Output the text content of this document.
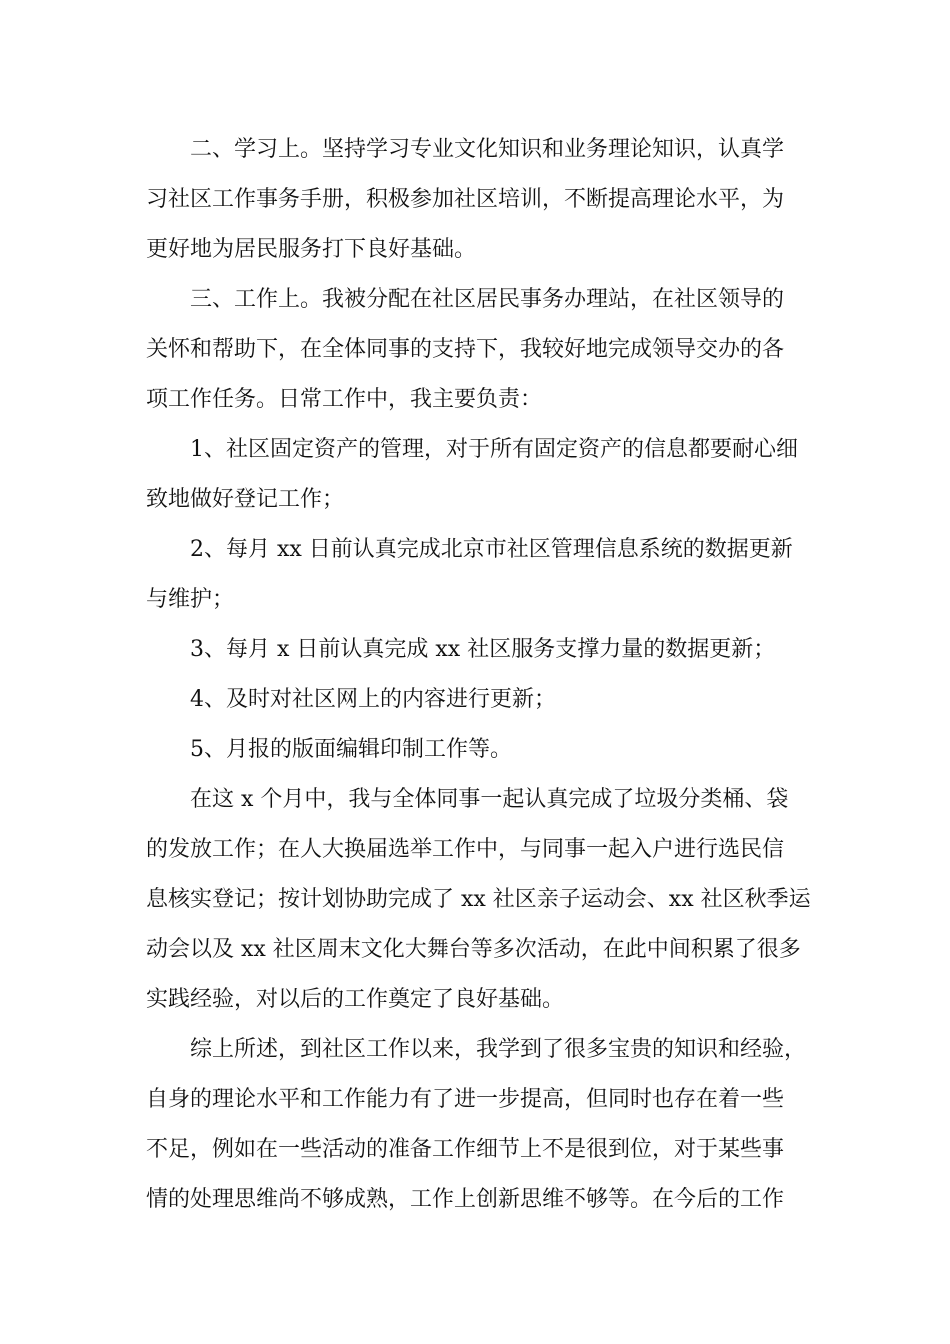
二、学习上。坚持学习专业文化知识和业务理论知识，认真学
习社区工作事务手册，积极参加社区培训，不断提高理论水平，为
更好地为居民服务打下良好基础。
三、工作上。我被分配在社区居民事务办理站，在社区领导的
关怀和帮助下，在全体同事的支持下，我较好地完成领导交办的各
项工作任务。日常工作中，我主要负责：
1、社区固定资产的管理，对于所有固定资产的信息都要耐心细
致地做好登记工作；
2、每月 xx 日前认真完成北京市社区管理信息系统的数据更新
与维护；
3、每月 x 日前认真完成 xx 社区服务支撑力量的数据更新；
4、及时对社区网上的内容进行更新；
5、月报的版面编辑印制工作等。
在这 x 个月中，我与全体同事一起认真完成了垃圾分类桶、袋
的发放工作；在人大换届选举工作中，与同事一起入户进行选民信
息核实登记；按计划协助完成了 xx 社区亲子运动会、xx 社区秋季运
动会以及 xx 社区周末文化大舞台等多次活动，在此中间积累了很多
实践经验，对以后的工作奠定了良好基础。
综上所述，到社区工作以来，我学到了很多宝贵的知识和经验，
自身的理论水平和工作能力有了进一步提高，但同时也存在着一些
不足，例如在一些活动的准备工作细节上不是很到位，对于某些事
情的处理思维尚不够成熟，工作上创新思维不够等。在今后的工作
